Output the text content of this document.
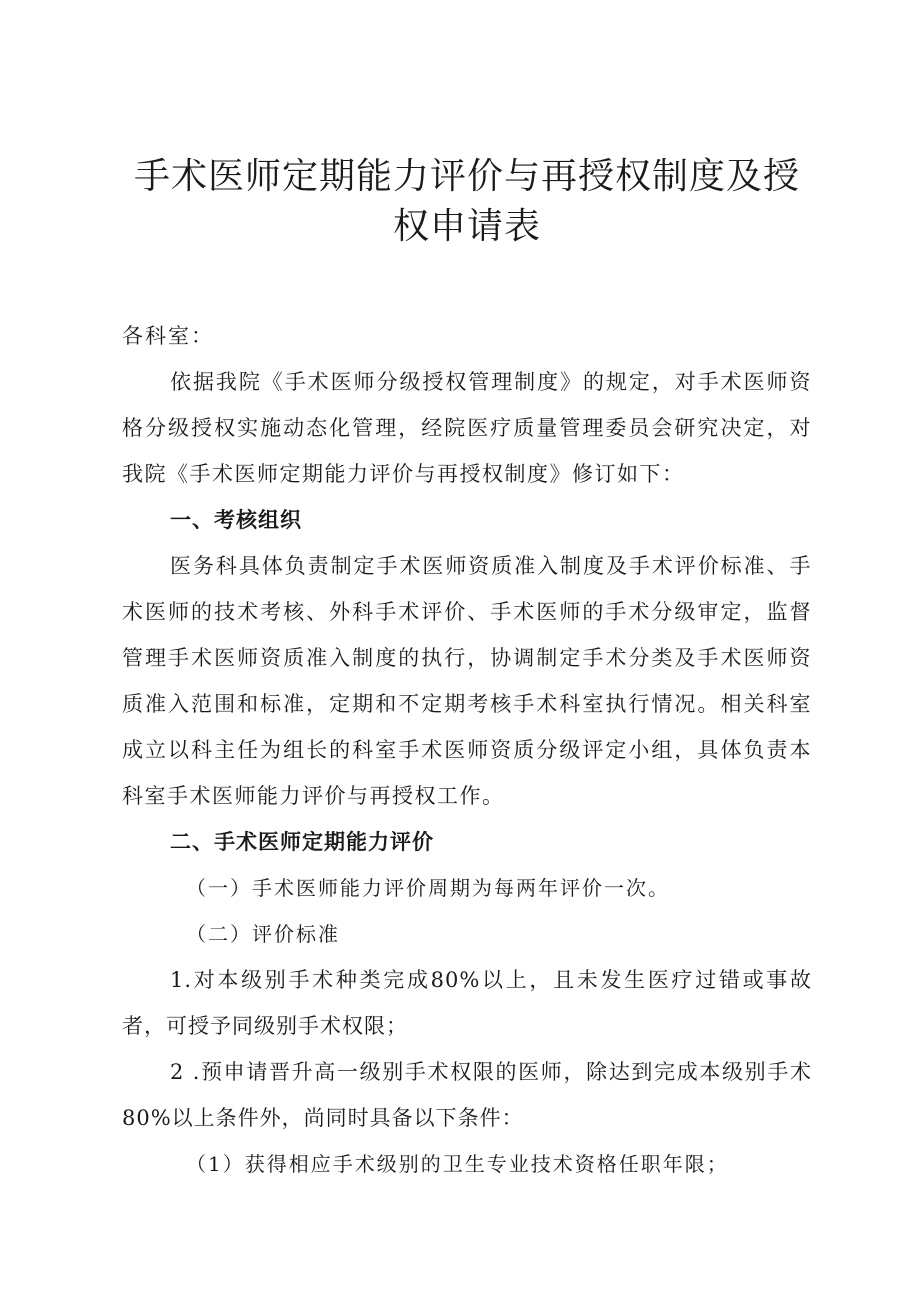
手术医师定期能力评价与再授权制度及授权申请表
各科室：

依据我院《手术医师分级授权管理制度》的规定，对手术医师资格分级授权实施动态化管理，经院医疗质量管理委员会研究决定，对我院《手术医师定期能力评价与再授权制度》修订如下：

一、考核组织

医务科具体负责制定手术医师资质准入制度及手术评价标准、手术医师的技术考核、外科手术评价、手术医师的手术分级审定，监督管理手术医师资质准入制度的执行，协调制定手术分类及手术医师资质准入范围和标准，定期和不定期考核手术科室执行情况。相关科室成立以科主任为组长的科室手术医师资质分级评定小组，具体负责本科室手术医师能力评价与再授权工作。

二、手术医师定期能力评价

（一）手术医师能力评价周期为每两年评价一次。

（二）评价标准

1.对本级别手术种类完成80%以上，且未发生医疗过错或事故者，可授予同级别手术权限；

2 .预申请晋升高一级别手术权限的医师，除达到完成本级别手术 80%以上条件外，尚同时具备以下条件：

（1）获得相应手术级别的卫生专业技术资格任职年限；
